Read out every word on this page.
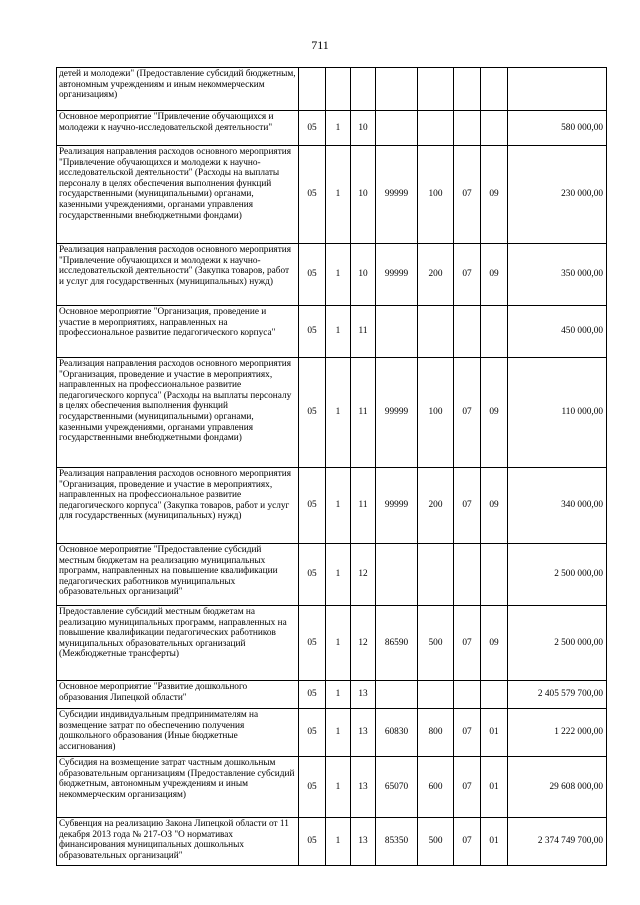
711
детей и молодежи" (Предоставление субсидий бюджетным, автономным учреждениям и иным некоммерческим организациям)								
Основное мероприятие "Привлечение обучающихся и молодежи к научно-исследовательской деятельности"	05	1	10					580 000,00
Реализация направления расходов основного мероприятия "Привлечение обучающихся и молодежи к научно-исследовательской деятельности" (Расходы на выплаты персоналу в целях обеспечения выполнения функций государственными (муниципальными) органами, казенными учреждениями, органами управления государственными внебюджетными фондами)	05	1	10	99999	100	07	09	230 000,00
Реализация направления расходов основного мероприятия "Привлечение обучающихся и молодежи к научно-исследовательской деятельности" (Закупка товаров, работ и услуг для государственных (муниципальных) нужд)	05	1	10	99999	200	07	09	350 000,00
Основное мероприятие "Организация, проведение и участие в мероприятиях, направленных на профессиональное развитие педагогического корпуса"	05	1	11					450 000,00
Реализация направления расходов основного мероприятия "Организация, проведение и участие в мероприятиях, направленных на профессиональное развитие педагогического корпуса" (Расходы на выплаты персоналу в целях обеспечения выполнения функций государственными (муниципальными) органами, казенными учреждениями, органами управления государственными внебюджетными фондами)	05	1	11	99999	100	07	09	110 000,00
Реализация направления расходов основного мероприятия "Организация, проведение и участие в мероприятиях, направленных на профессиональное развитие педагогического корпуса" (Закупка товаров, работ и услуг для государственных (муниципальных) нужд)	05	1	11	99999	200	07	09	340 000,00
Основное мероприятие "Предоставление субсидий местным бюджетам на реализацию муниципальных программ, направленных на повышение квалификации педагогических работников муниципальных образовательных организаций"	05	1	12					2 500 000,00
Предоставление субсидий местным бюджетам на реализацию муниципальных программ, направленных на повышение квалификации педагогических работников муниципальных образовательных организаций (Межбюджетные трансферты)	05	1	12	86590	500	07	09	2 500 000,00
Основное мероприятие "Развитие дошкольного образования Липецкой области"	05	1	13					2 405 579 700,00
Субсидии индивидуальным предпринимателям на возмещение затрат по обеспечению получения дошкольного образования (Иные бюджетные ассигнования)	05	1	13	60830	800	07	01	1 222 000,00
Субсидия на возмещение затрат частным дошкольным образовательным организациям (Предоставление субсидий бюджетным, автономным учреждениям и иным некоммерческим организациям)	05	1	13	65070	600	07	01	29 608 000,00
Субвенция на реализацию Закона Липецкой области от 11 декабря 2013 года № 217-ОЗ "О нормативах финансирования муниципальных дошкольных образовательных организаций"	05	1	13	85350	500	07	01	2 374 749 700,00
